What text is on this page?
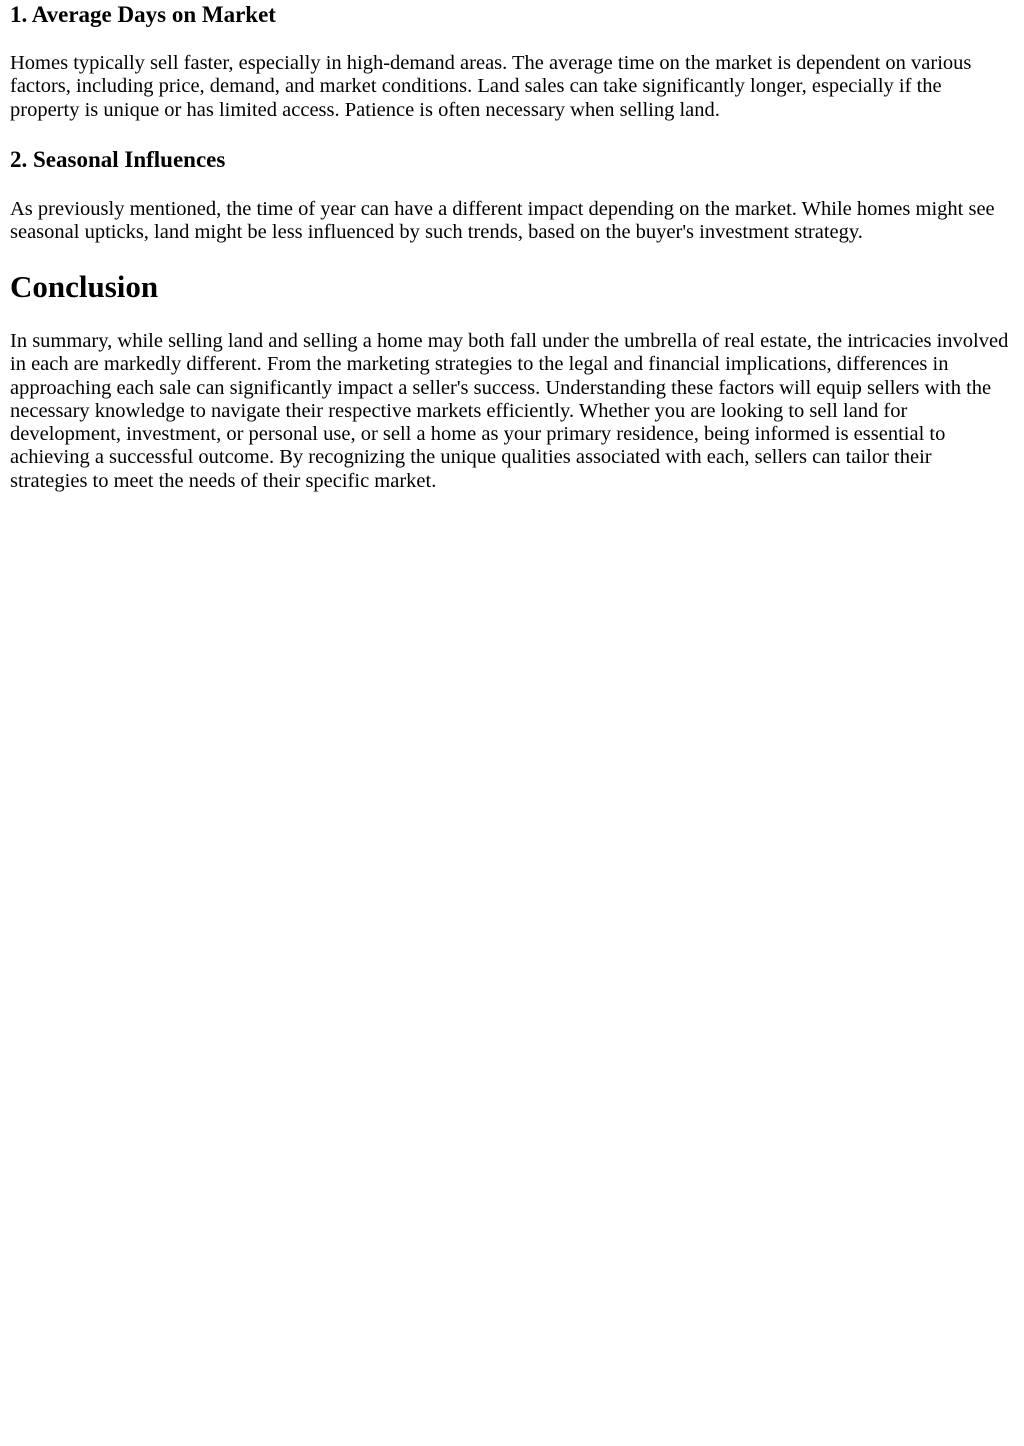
1. Average Days on Market

Homes typically sell faster, especially in high-demand areas. The average time on the market is dependent on various factors, including price, demand, and market conditions. Land sales can take significantly longer, especially if the property is unique or has limited access. Patience is often necessary when selling land.

2. Seasonal Influences

As previously mentioned, the time of year can have a different impact depending on the market. While homes might see seasonal upticks, land might be less influenced by such trends, based on the buyer's investment strategy.

Conclusion

In summary, while selling land and selling a home may both fall under the umbrella of real estate, the intricacies involved in each are markedly different. From the marketing strategies to the legal and financial implications, differences in approaching each sale can significantly impact a seller's success. Understanding these factors will equip sellers with the necessary knowledge to navigate their respective markets efficiently. Whether you are looking to sell land for development, investment, or personal use, or sell a home as your primary residence, being informed is essential to achieving a successful outcome. By recognizing the unique qualities associated with each, sellers can tailor their strategies to meet the needs of their specific market.
